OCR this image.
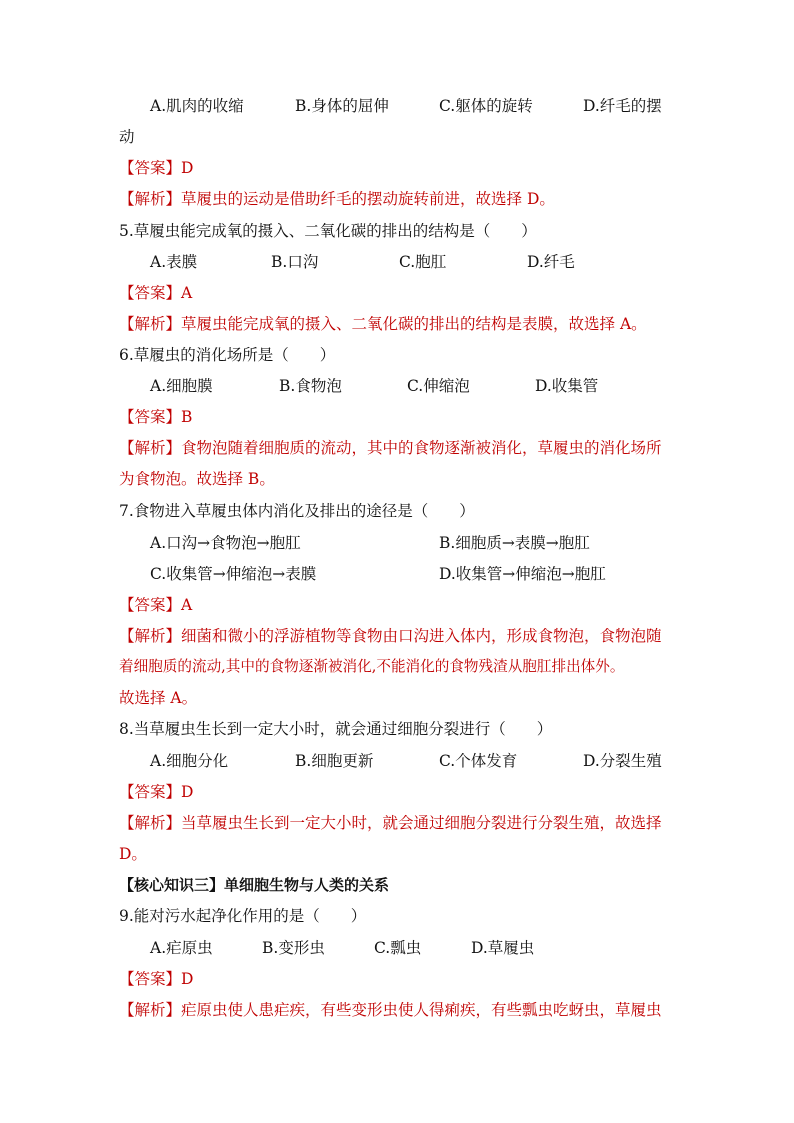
A.肌肉的收缩	B.身体的屈伸	C.躯体的旋转	D.纤毛的摆
动
【答案】D
【解析】草履虫的运动是借助纤毛的摆动旋转前进，故选择 D。
5.草履虫能完成氧的摄入、二氧化碳的排出的结构是（　　）
A.表膜	B.口沟	C.胞肛	D.纤毛
【答案】A
【解析】草履虫能完成氧的摄入、二氧化碳的排出的结构是表膜，故选择 A。
6.草履虫的消化场所是（　　）
A.细胞膜	B.食物泡	C.伸缩泡	D.收集管
【答案】B
【解析】食物泡随着细胞质的流动，其中的食物逐渐被消化，草履虫的消化场所
为食物泡。故选择 B。
7.食物进入草履虫体内消化及排出的途径是（　　）
A.口沟→食物泡→胞肛	B.细胞质→表膜→胞肛
C.收集管→伸缩泡→表膜	D.收集管→伸缩泡→胞肛
【答案】A
【解析】细菌和微小的浮游植物等食物由口沟进入体内，形成食物泡，食物泡随
着细胞质的流动,其中的食物逐渐被消化,不能消化的食物残渣从胞肛排出体外。
故选择 A。
8.当草履虫生长到一定大小时，就会通过细胞分裂进行（　　）
A.细胞分化	B.细胞更新	C.个体发育	D.分裂生殖
【答案】D
【解析】当草履虫生长到一定大小时，就会通过细胞分裂进行分裂生殖，故选择
D。
【核心知识三】单细胞生物与人类的关系
9.能对污水起净化作用的是（　　）
A.疟原虫	B.变形虫	C.瓢虫	D.草履虫
【答案】D
【解析】疟原虫使人患疟疾，有些变形虫使人得痢疾，有些瓢虫吃蚜虫，草履虫
